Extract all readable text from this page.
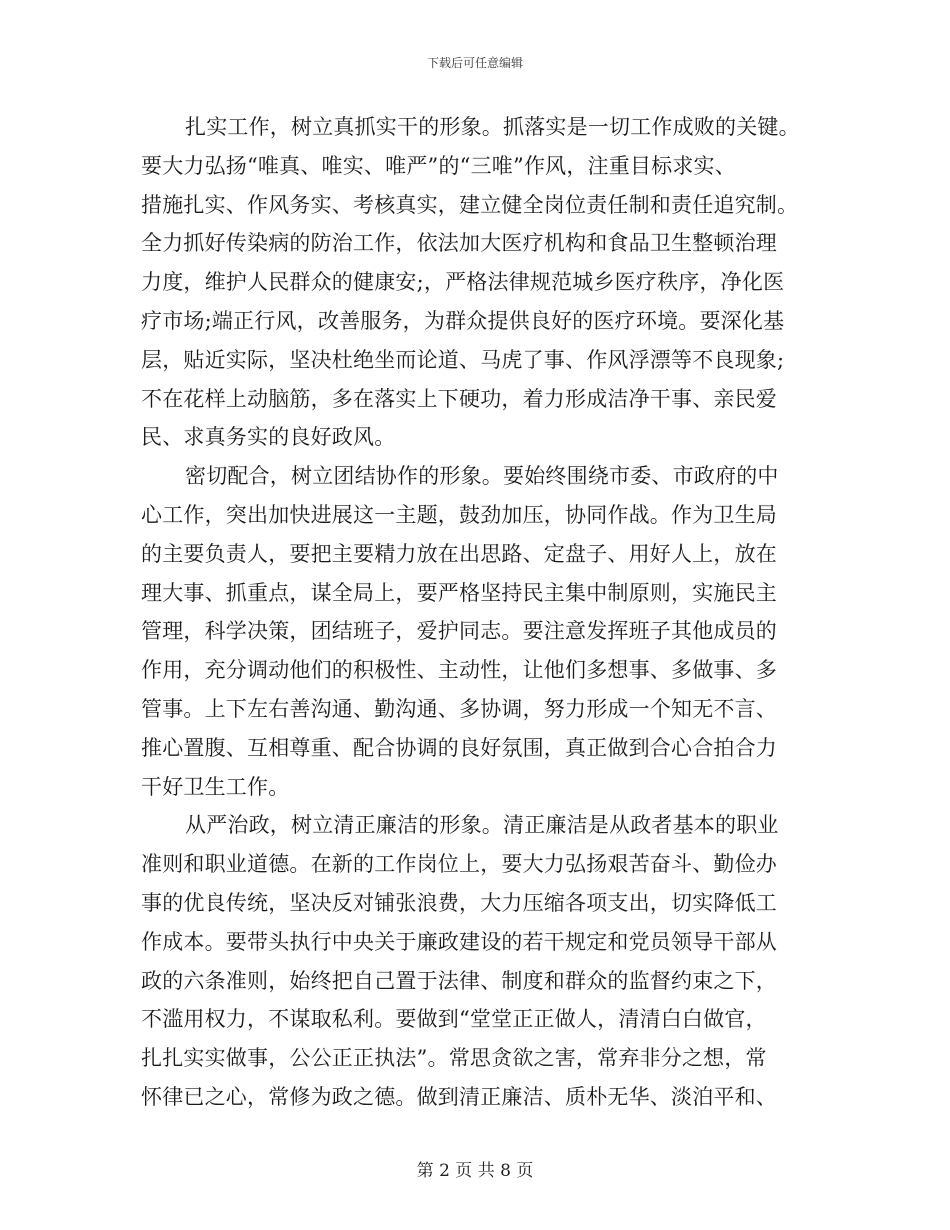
下载后可任意编辑
扎实工作，树立真抓实干的形象。抓落实是一切工作成败的关键。
要大力弘扬“唯真、唯实、唯严”的“三唯”作风，注重目标求实、
措施扎实、作风务实、考核真实，建立健全岗位责任制和责任追究制。
全力抓好传染病的防治工作，依法加大医疗机构和食品卫生整顿治理
力度，维护人民群众的健康安;，严格法律规范城乡医疗秩序，净化医
疗市场;端正行风，改善服务，为群众提供良好的医疗环境。要深化基
层，贴近实际，坚决杜绝坐而论道、马虎了事、作风浮漂等不良现象;
不在花样上动脑筋，多在落实上下硬功，着力形成洁净干事、亲民爱
民、求真务实的良好政风。
密切配合，树立团结协作的形象。要始终围绕市委、市政府的中
心工作，突出加快进展这一主题，鼓劲加压，协同作战。作为卫生局
的主要负责人，要把主要精力放在出思路、定盘子、用好人上，放在
理大事、抓重点，谋全局上，要严格坚持民主集中制原则，实施民主
管理，科学决策，团结班子，爱护同志。要注意发挥班子其他成员的
作用，充分调动他们的积极性、主动性，让他们多想事、多做事、多
管事。上下左右善沟通、勤沟通、多协调，努力形成一个知无不言、
推心置腹、互相尊重、配合协调的良好氛围，真正做到合心合拍合力
干好卫生工作。
从严治政，树立清正廉洁的形象。清正廉洁是从政者基本的职业
准则和职业道德。在新的工作岗位上，要大力弘扬艰苦奋斗、勤俭办
事的优良传统，坚决反对铺张浪费，大力压缩各项支出，切实降低工
作成本。要带头执行中央关于廉政建设的若干规定和党员领导干部从
政的六条准则，始终把自己置于法律、制度和群众的监督约束之下，
不滥用权力，不谋取私利。要做到“堂堂正正做人，清清白白做官，
扎扎实实做事，公公正正执法”。常思贪欲之害，常弃非分之想，常
怀律已之心，常修为政之德。做到清正廉洁、质朴无华、淡泊平和、
第 2 页 共 8 页
